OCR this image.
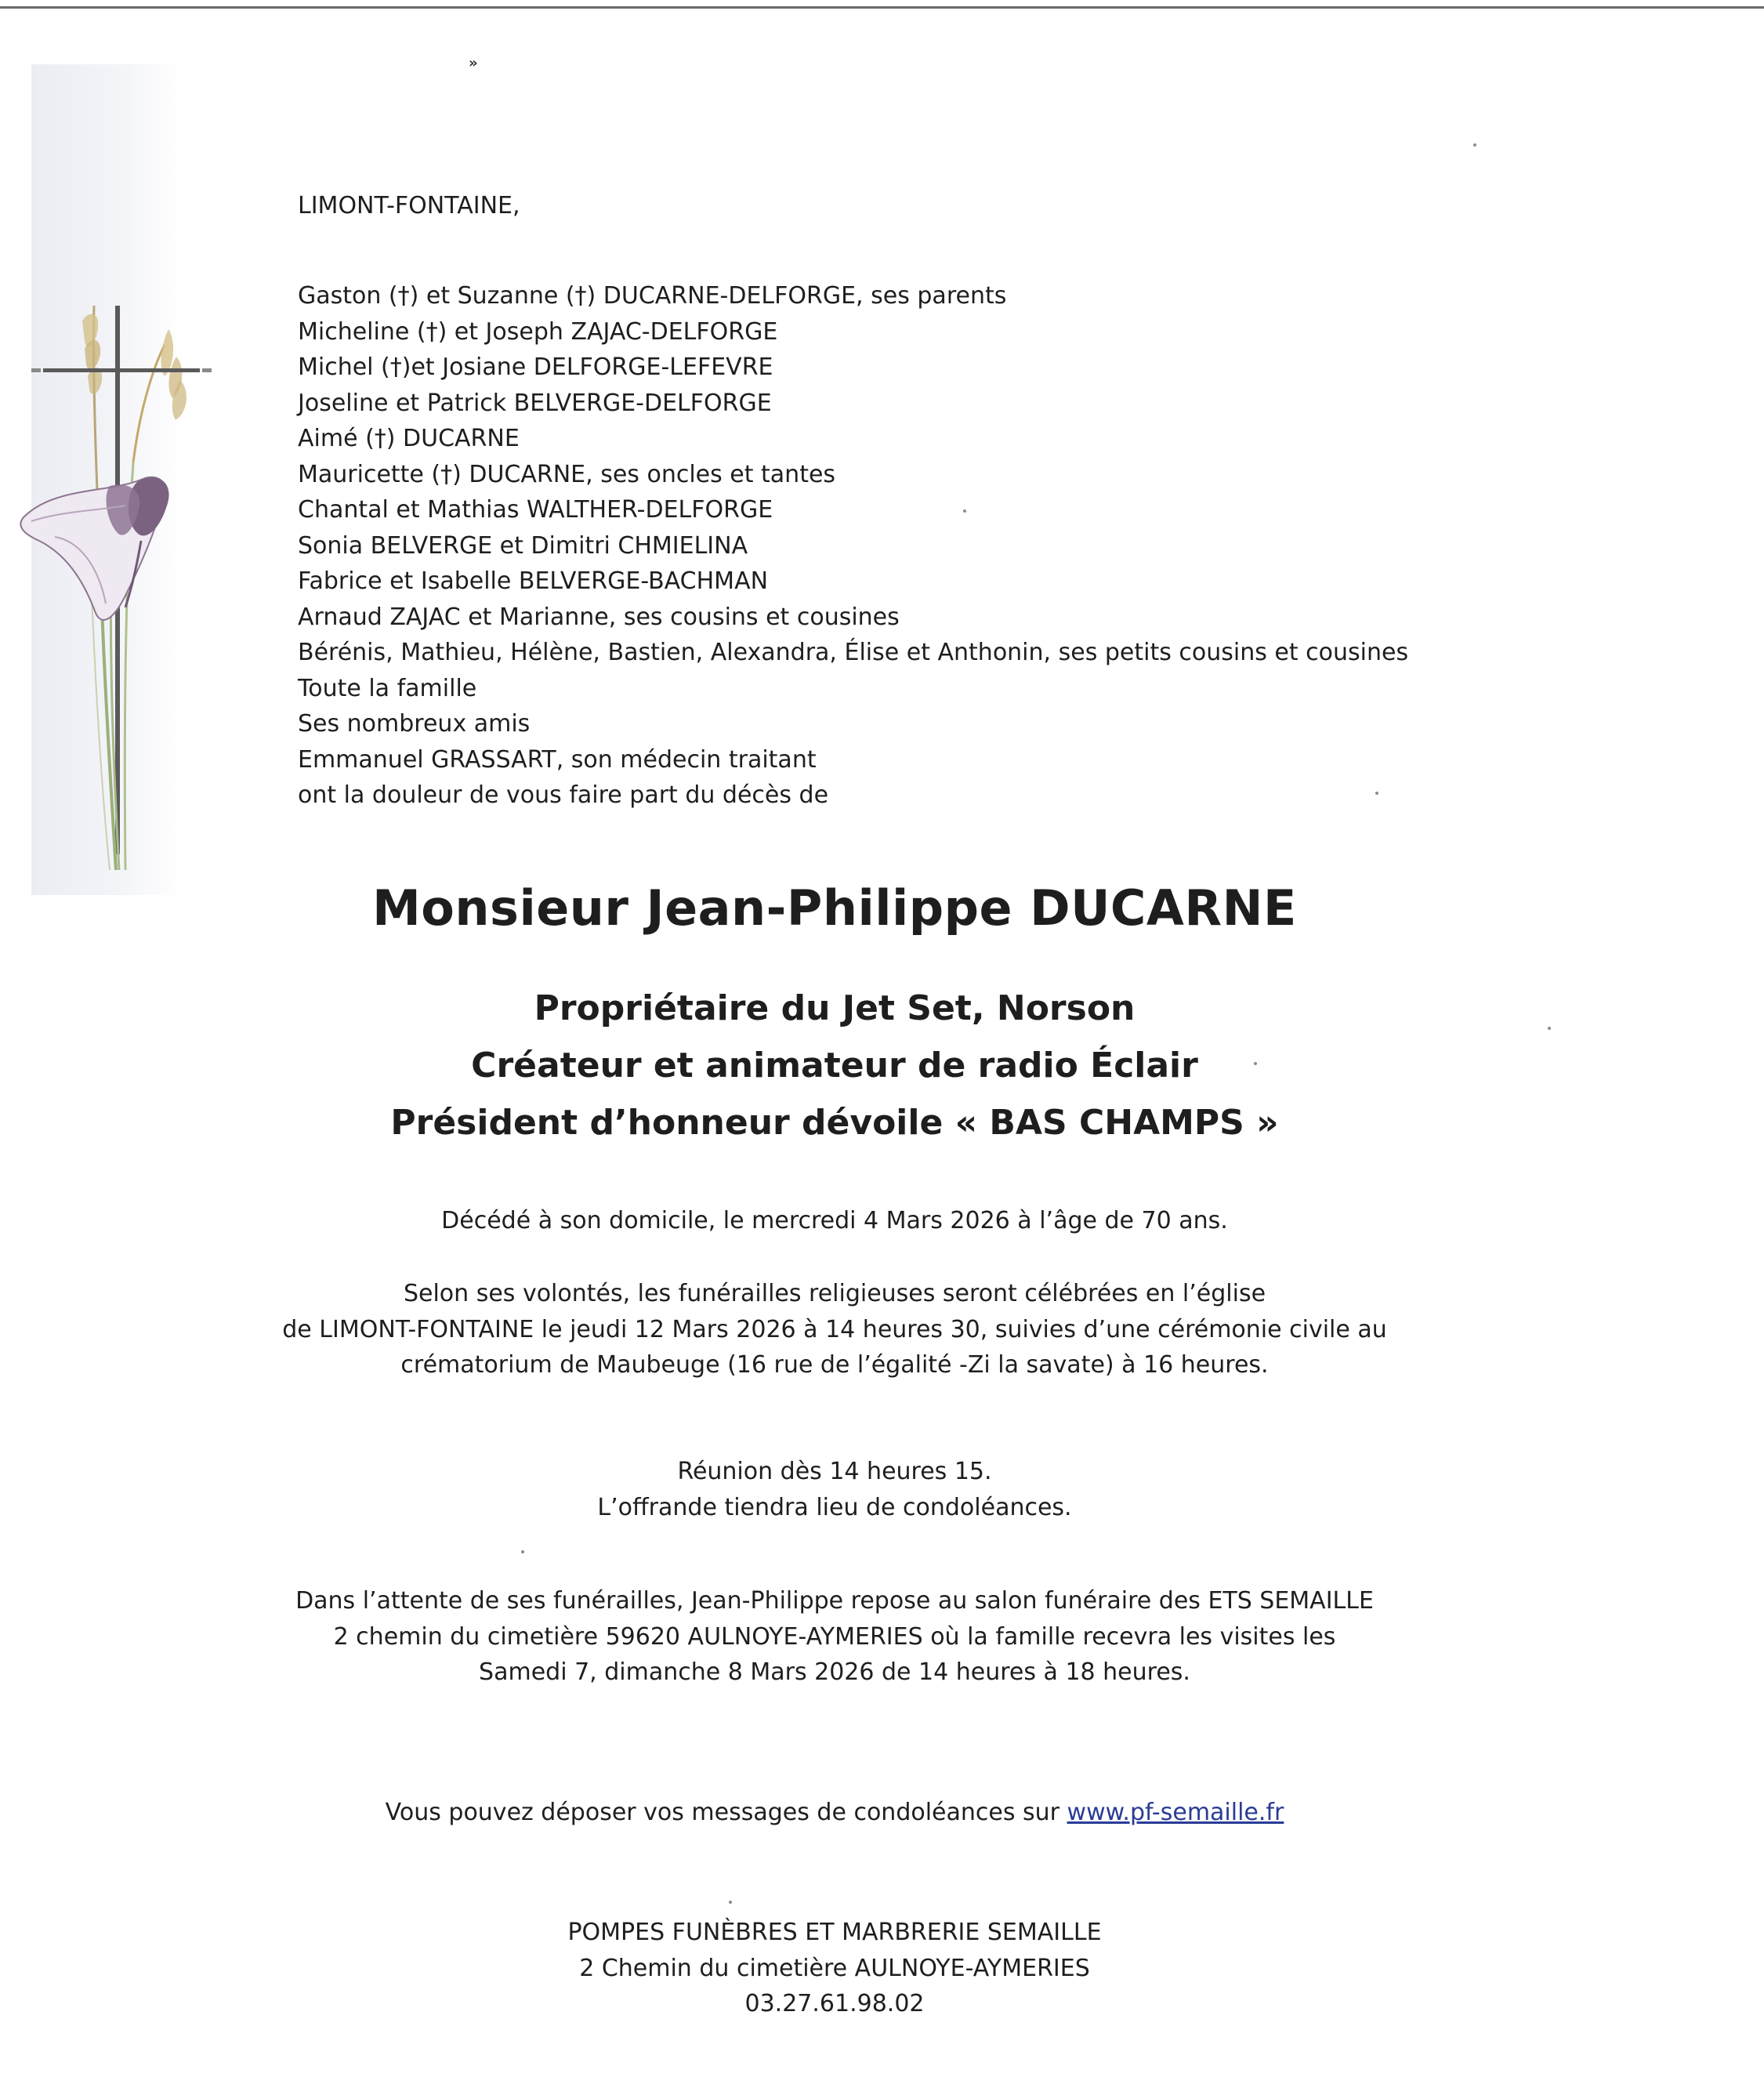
»
LIMONT-FONTAINE,
Gaston (†) et Suzanne (†) DUCARNE-DELFORGE, ses parents
Micheline (†) et Joseph ZAJAC-DELFORGE
Michel (†)et Josiane DELFORGE-LEFEVRE
Joseline et Patrick BELVERGE-DELFORGE
Aimé (†) DUCARNE
Mauricette (†) DUCARNE, ses oncles et tantes
Chantal et Mathias WALTHER-DELFORGE
Sonia BELVERGE et Dimitri CHMIELINA
Fabrice et Isabelle BELVERGE-BACHMAN
Arnaud ZAJAC et Marianne, ses cousins et cousines
Bérénis, Mathieu, Hélène, Bastien, Alexandra, Élise et Anthonin, ses petits cousins et cousines
Toute la famille
Ses nombreux amis
Emmanuel GRASSART, son médecin traitant
ont la douleur de vous faire part du décès de
Monsieur Jean-Philippe DUCARNE
Propriétaire du Jet Set, Norson
Créateur et animateur de radio Éclair
Président d’honneur dévoile « BAS CHAMPS »
Décédé à son domicile, le mercredi 4 Mars 2026 à l’âge de 70 ans.
Selon ses volontés, les funérailles religieuses seront célébrées en l’église
de LIMONT-FONTAINE le jeudi 12 Mars 2026 à 14 heures 30, suivies d’une cérémonie civile au
crématorium de Maubeuge (16 rue de l’égalité -Zi la savate) à 16 heures.
Réunion dès 14 heures 15.
L’offrande tiendra lieu de condoléances.
Dans l’attente de ses funérailles, Jean-Philippe repose au salon funéraire des ETS SEMAILLE
2 chemin du cimetière 59620 AULNOYE-AYMERIES où la famille recevra les visites les
Samedi 7, dimanche 8 Mars 2026 de 14 heures à 18 heures.
Vous pouvez déposer vos messages de condoléances sur www.pf-semaille.fr
POMPES FUNÈBRES ET MARBRERIE SEMAILLE
2 Chemin du cimetière AULNOYE-AYMERIES
03.27.61.98.02
